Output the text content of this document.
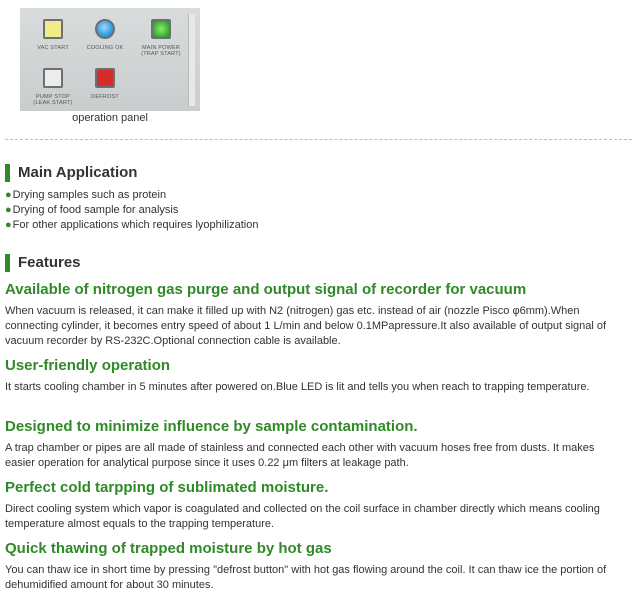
VAC START	COOLING OK	MAIN POWER
(TRAP START)
PUMP STOP
(LEAK START)
DEFROST
operation panel
Main Application
●Drying samples such as protein
●Drying of food sample for analysis
●For other applications which requires lyophilization
Features
Available of nitrogen gas purge and output signal of recorder for vacuum
When vacuum is released, it can make it filled up with N2 (nitrogen) gas etc. instead of air (nozzle Pisco φ6mm).When connecting cylinder, it becomes entry speed of about 1 L/min and below 0.1MPapressure.It also available of output signal of vacuum recorder by RS-232C.Optional connection cable is available.
User-friendly operation
It starts cooling chamber in 5 minutes after powered on.Blue LED is lit and tells you when reach to trapping temperature.
Designed to minimize influence by sample contamination.
A trap chamber or pipes are all made of stainless and connected each other with vacuum hoses free from dusts. It makes easier operation for analytical purpose since it uses 0.22 μm filters at leakage path.
Perfect cold tarpping of sublimated moisture.
Direct cooling system which vapor is coagulated and collected on the coil surface in chamber directly which means cooling temperature almost equals to the trapping temperature.
Quick thawing of trapped moisture by hot gas
You can thaw ice in short time by pressing "defrost button" with hot gas flowing around the coil. It can thaw ice the portion of dehumidified amount for about 30 minutes.
